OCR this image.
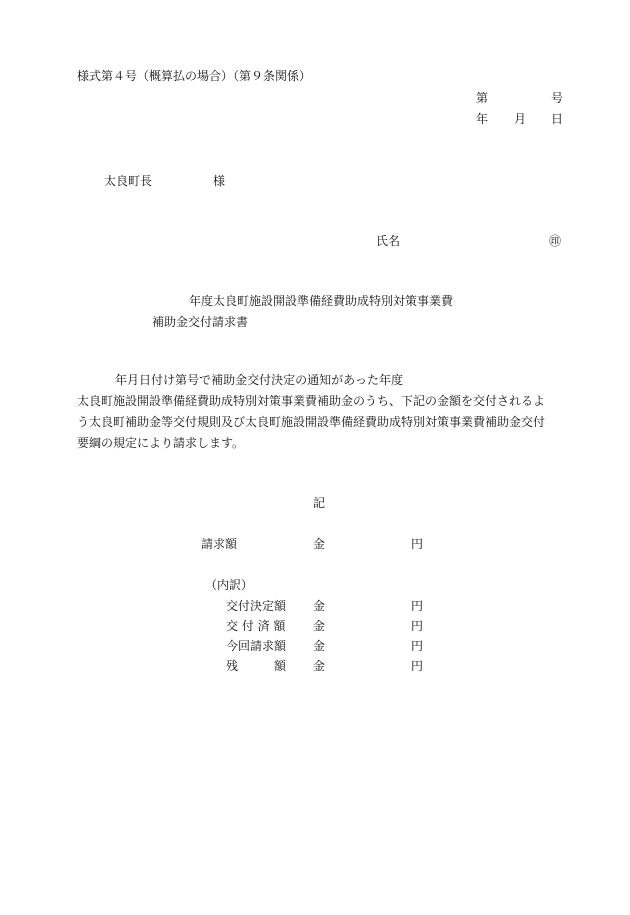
様式第４号（概算払の場合）（第９条関係）
第	号
年 月 日
太良町長	様
氏名	㊞
年度太良町施設開設準備経費助成特別対策事業費
補助金交付請求書
年月日付け第号で補助金交付決定の通知があった年度
太良町施設開設準備経費助成特別対策事業費補助金のうち、下記の金額を交付されるよ
う太良町補助金等交付規則及び太良町施設開設準備経費助成特別対策事業費補助金交付
要綱の規定により請求します。
記
請求額	金	円
（内訳）
交付決定額 金	円
交 付 済 額 金	円
今回請求額 金	円
残	額 金	円
